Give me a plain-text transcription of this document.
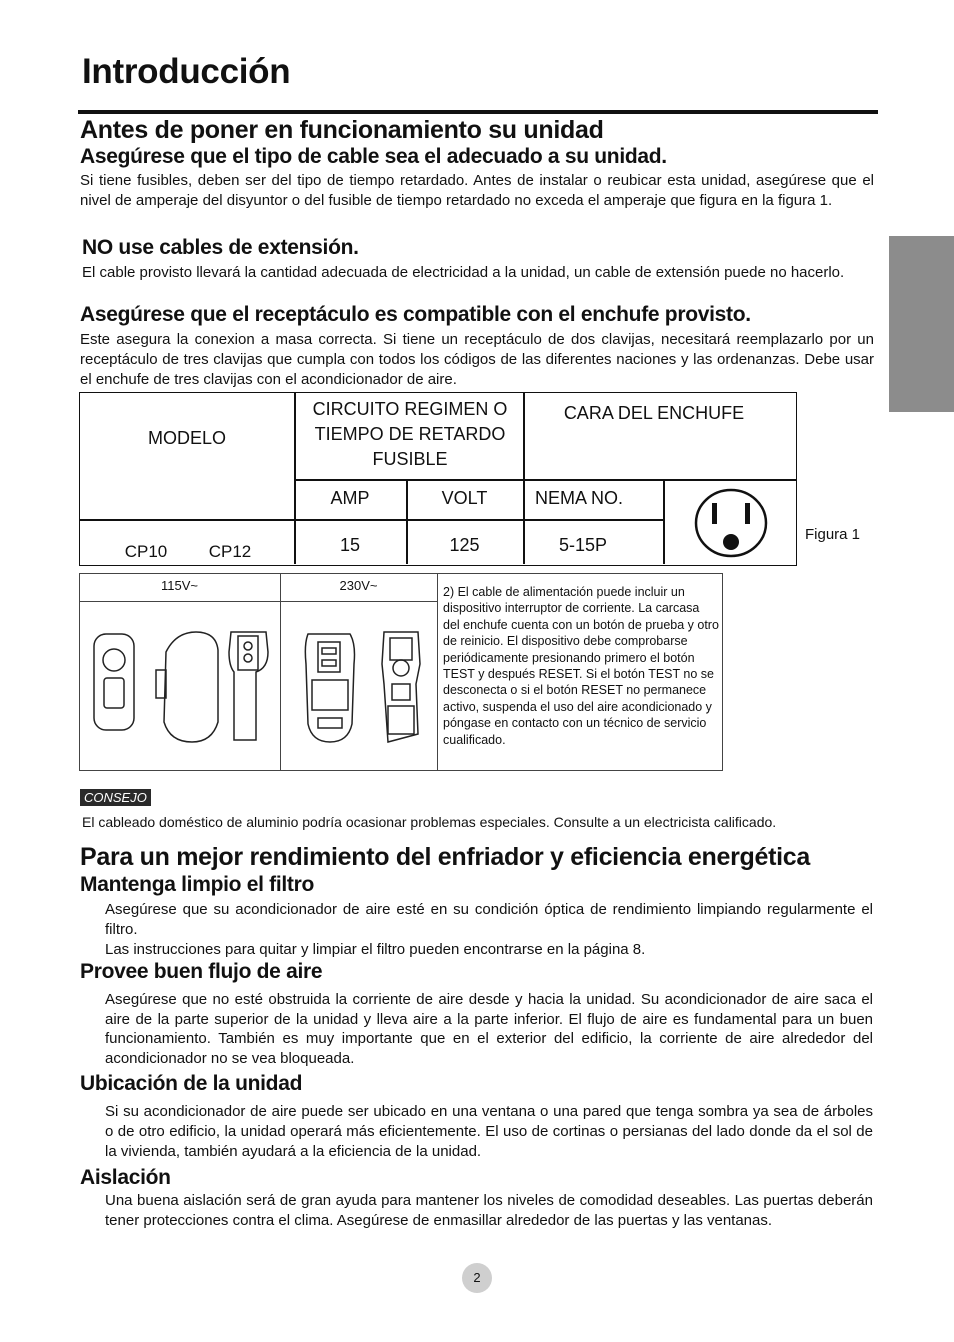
Introducción
Antes de poner en funcionamiento su unidad
Asegúrese que el tipo de cable sea el adecuado a su unidad.

Si tiene fusibles, deben ser del tipo de tiempo retardado. Antes de instalar o reubicar esta unidad, asegúrese que el nivel de amperaje del disyuntor o del fusible de tiempo retardado no exceda el amperaje que figura en la figura 1.

NO use cables de extensión.

El cable provisto llevará la cantidad adecuada de electricidad a la unidad, un cable de extensión puede no hacerlo.

Asegúrese que el receptáculo es compatible con el enchufe provisto.

Este asegura la conexion a masa correcta. Si tiene un receptáculo de dos clavijas, necesitará reemplazarlo por un receptáculo de tres clavijas que cumpla con todos los códigos de las diferentes naciones y las ordenanzas. Debe usar el enchufe de tres clavijas con el acondicionador de aire.

MODELO
CIRCUITO REGIMEN O TIEMPO DE RETARDO FUSIBLE
CARA DEL ENCHUFE
AMP	VOLT	NEMA NO.
CP10	CP12	15	125	5-15P
Figura 1
115V~	230V~	2) El cable de alimentación puede incluir un dispositivo interruptor de corriente. La carcasa del enchufe cuenta con un botón de prueba y otro de reinicio. El dispositivo debe comprobarse periódicamente presionando primero el botón TEST y después RESET. Si el botón TEST no se desconecta o si el botón RESET no permanece activo, suspenda el uso del aire acondicionado y póngase en contacto con un técnico de servicio cualificado.

CONSEJO

El cableado doméstico de aluminio podría ocasionar problemas especiales. Consulte a un electricista calificado.

Para un mejor rendimiento del enfriador y eficiencia energética
Mantenga limpio el filtro

Asegúrese que su acondicionador de aire esté en su condición óptica de rendimiento limpiando regularmente el filtro.

Las instrucciones para quitar y limpiar el filtro pueden encontrarse en la página 8.

Provee buen flujo de aire

Asegúrese que no esté obstruida la corriente de aire desde y hacia la unidad. Su acondicionador de aire saca el aire de la parte superior de la unidad y lleva aire a la parte inferior. El flujo de aire es fundamental para un buen funcionamiento. También es muy importante que en el exterior del edificio, la corriente de aire alrededor del acondicionador no se vea bloqueada.

Ubicación de la unidad

Si su acondicionador de aire puede ser ubicado en una ventana o una pared que tenga sombra ya sea de árboles o de otro edificio, la unidad operará más eficientemente. El uso de cortinas o persianas del lado donde da el sol de la vivienda, también ayudará a la eficiencia de la unidad.

Aislación

Una buena aislación será de gran ayuda para mantener los niveles de comodidad deseables. Las puertas deberán tener protecciones contra el clima. Asegúrese de enmasillar alrededor de las puertas y las ventanas.

2
